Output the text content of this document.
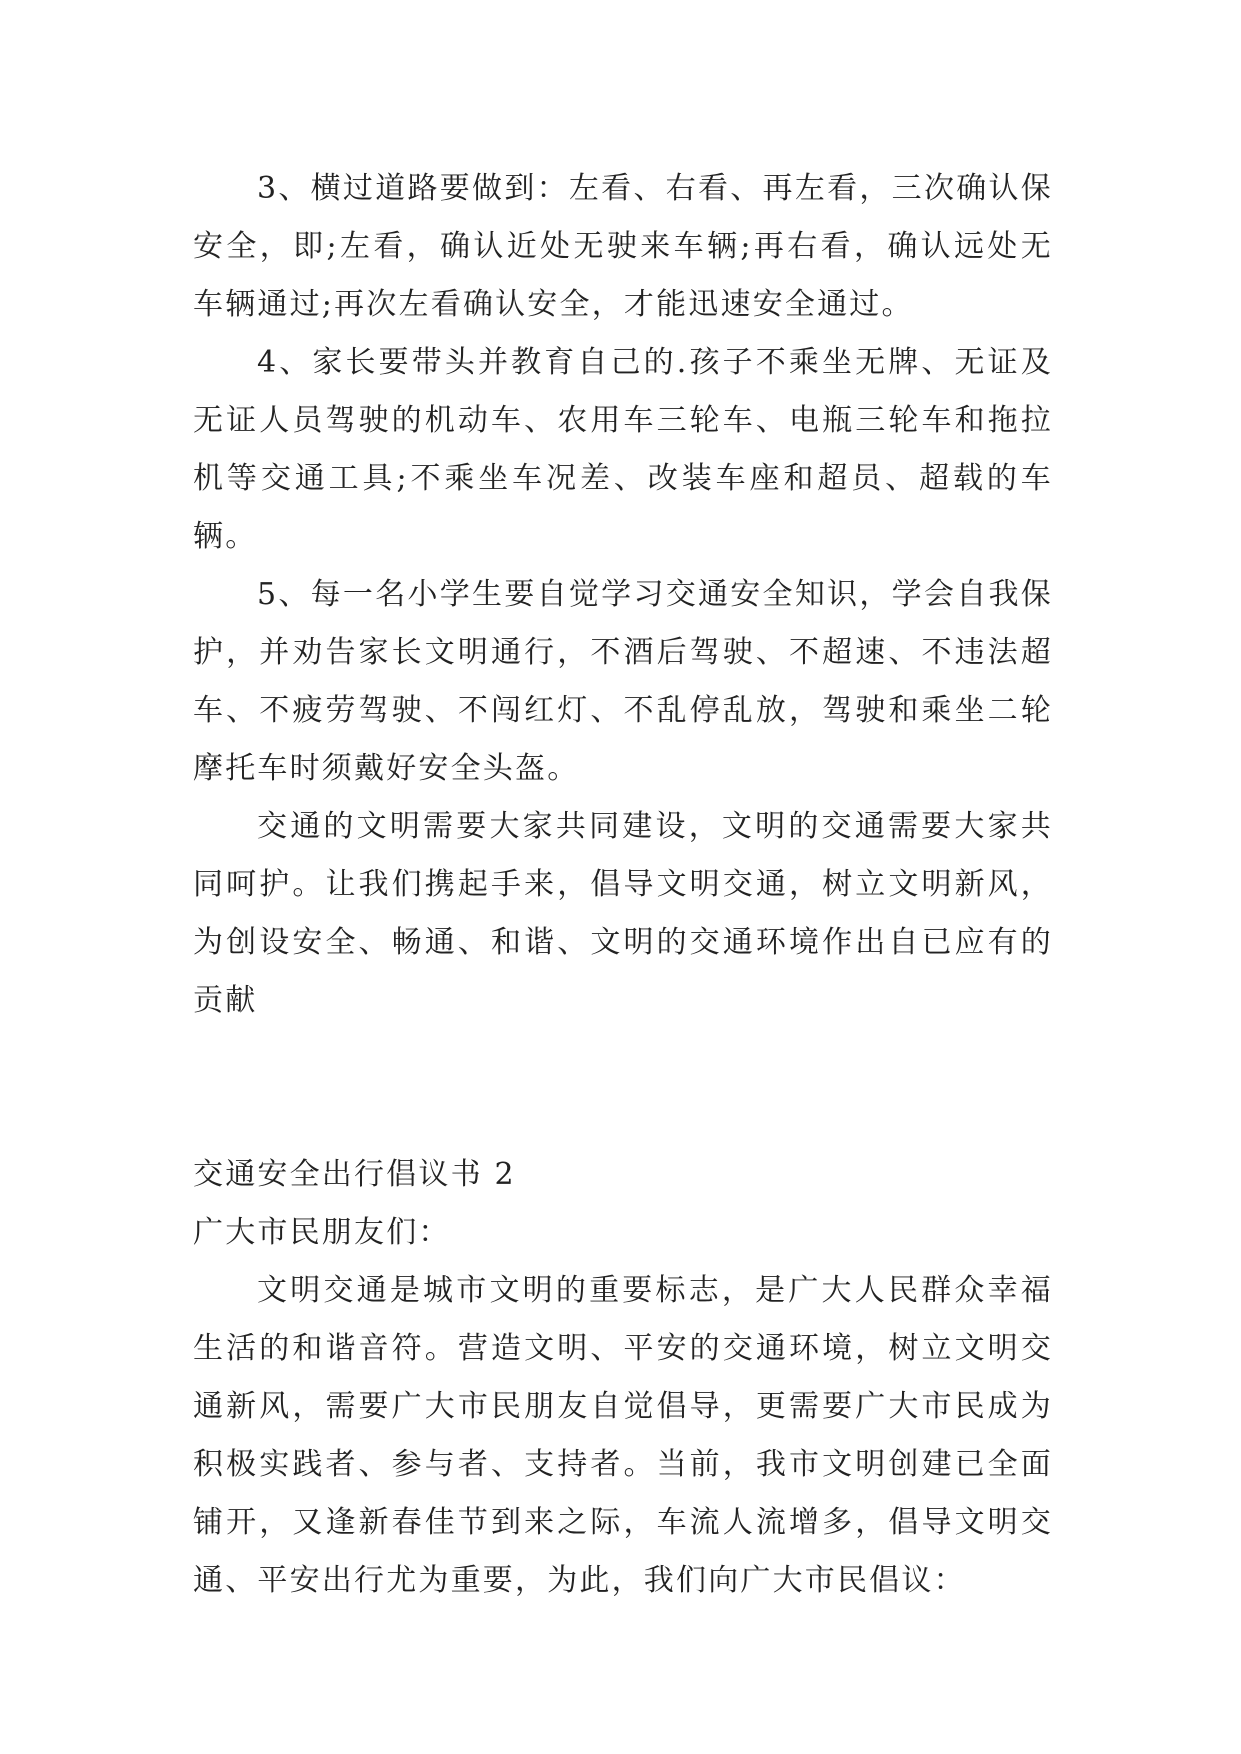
3、横过道路要做到：左看、右看、再左看，三次确认保安全，即;左看，确认近处无驶来车辆;再右看，确认远处无车辆通过;再次左看确认安全，才能迅速安全通过。

4、家长要带头并教育自己的.孩子不乘坐无牌、无证及无证人员驾驶的机动车、农用车三轮车、电瓶三轮车和拖拉机等交通工具;不乘坐车况差、改装车座和超员、超载的车辆。

5、每一名小学生要自觉学习交通安全知识，学会自我保护，并劝告家长文明通行，不酒后驾驶、不超速、不违法超车、不疲劳驾驶、不闯红灯、不乱停乱放，驾驶和乘坐二轮摩托车时须戴好安全头盔。

交通的文明需要大家共同建设，文明的交通需要大家共同呵护。让我们携起手来，倡导文明交通，树立文明新风，为创设安全、畅通、和谐、文明的交通环境作出自已应有的贡献

交通安全出行倡议书 2

广大市民朋友们：

文明交通是城市文明的重要标志，是广大人民群众幸福生活的和谐音符。营造文明、平安的交通环境，树立文明交通新风，需要广大市民朋友自觉倡导，更需要广大市民成为积极实践者、参与者、支持者。当前，我市文明创建已全面铺开，又逢新春佳节到来之际，车流人流增多，倡导文明交通、平安出行尤为重要，为此，我们向广大市民倡议：
